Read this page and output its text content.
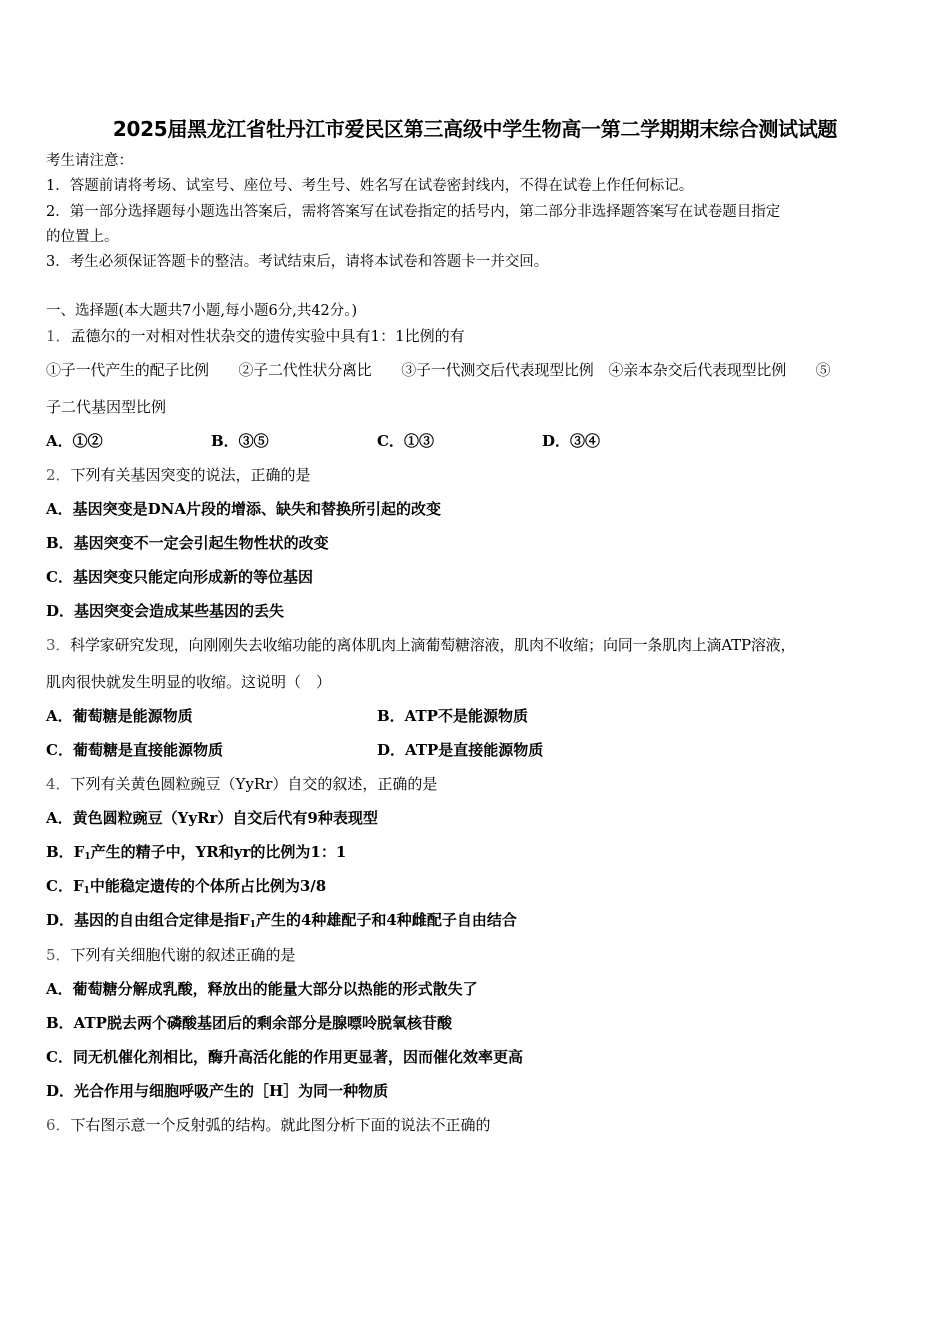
2025届黑龙江省牡丹江市爱民区第三高级中学生物高一第二学期期末综合测试试题
考生请注意：
1．答题前请将考场、试室号、座位号、考生号、姓名写在试卷密封线内，不得在试卷上作任何标记。
2．第一部分选择题每小题选出答案后，需将答案写在试卷指定的括号内，第二部分非选择题答案写在试卷题目指定
的位置上。
3．考生必须保证答题卡的整洁。考试结束后，请将本试卷和答题卡一并交回。
一、选择题(本大题共7小题,每小题6分,共42分。)
1．孟德尔的一对相对性状杂交的遗传实验中具有1：1比例的有
①子一代产生的配子比例　　②子二代性状分离比　　③子一代测交后代表现型比例　④亲本杂交后代表现型比例　　⑤
子二代基因型比例
A．①②	B．③⑤	C．①③	D．③④
2．下列有关基因突变的说法，正确的是
A．基因突变是DNA片段的增添、缺失和替换所引起的改变
B．基因突变不一定会引起生物性状的改变
C．基因突变只能定向形成新的等位基因
D．基因突变会造成某些基因的丢失
3．科学家研究发现，向刚刚失去收缩功能的离体肌肉上滴葡萄糖溶液，肌肉不收缩；向同一条肌肉上滴ATP溶液，
肌肉很快就发生明显的收缩。这说明（　）
A．葡萄糖是能源物质	B．ATP不是能源物质
C．葡萄糖是直接能源物质	D．ATP是直接能源物质
4．下列有关黄色圆粒豌豆（YyRr）自交的叙述，正确的是
A．黄色圆粒豌豆（YyRr）自交后代有9种表现型
B．$F_1$产生的精子中，YR和yr的比例为1：1
C．$F_1$中能稳定遗传的个体所占比例为3/8
D．基因的自由组合定律是指$F_1$产生的4种雄配子和4种雌配子自由结合
5．下列有关细胞代谢的叙述正确的是
A．葡萄糖分解成乳酸，释放出的能量大部分以热能的形式散失了
B．ATP脱去两个磷酸基团后的剩余部分是腺嘌呤脱氧核苷酸
C．同无机催化剂相比，酶升高活化能的作用更显著，因而催化效率更高
D．光合作用与细胞呼吸产生的［H］为同一种物质
6．下右图示意一个反射弧的结构。就此图分析下面的说法不正确的
